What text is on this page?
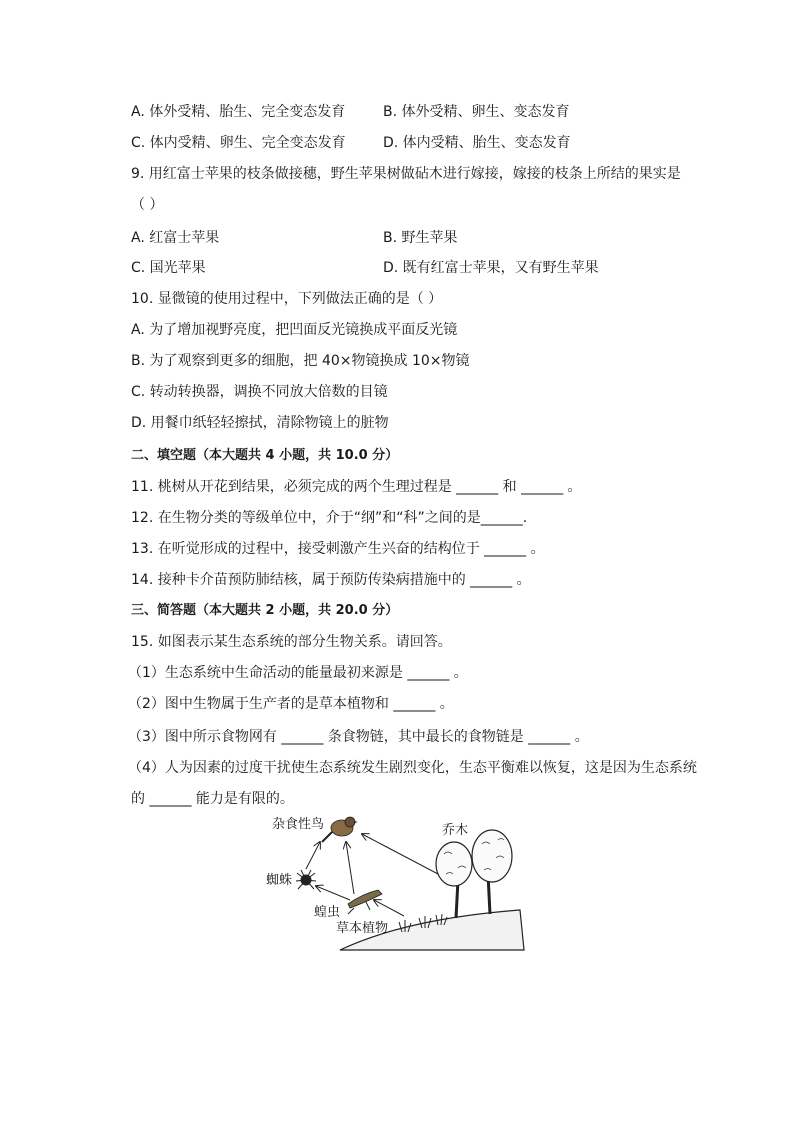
A. 体外受精、胎生、完全变态发育	B. 体外受精、卵生、变态发育
C. 体内受精、卵生、完全变态发育	D. 体内受精、胎生、变态发育
9. 用红富士苹果的枝条做接穗，野生苹果树做砧木进行嫁接，嫁接的枝条上所结的果实是
（ ）
A. 红富士苹果	B. 野生苹果
C. 国光苹果	D. 既有红富士苹果，又有野生苹果
10. 显微镜的使用过程中，下列做法正确的是（ ）
A. 为了增加视野亮度，把凹面反光镜换成平面反光镜
B. 为了观察到更多的细胞，把 40×物镜换成 10×物镜
C. 转动转换器，调换不同放大倍数的目镜
D. 用餐巾纸轻轻擦拭，清除物镜上的脏物
二、填空题（本大题共 4 小题，共 10.0 分）
11. 桃树从开花到结果，必须完成的两个生理过程是 ______ 和 ______ 。
12. 在生物分类的等级单位中，介于“纲”和“科”之间的是______.
13. 在听觉形成的过程中，接受刺激产生兴奋的结构位于 ______ 。
14. 接种卡介苗预防肺结核，属于预防传染病措施中的 ______ 。
三、简答题（本大题共 2 小题，共 20.0 分）
15. 如图表示某生态系统的部分生物关系。请回答。
（1）生态系统中生命活动的能量最初来源是 ______ 。
（2）图中生物属于生产者的是草本植物和 ______ 。
（3）图中所示食物网有 ______ 条食物链，其中最长的食物链是 ______ 。
（4）人为因素的过度干扰使生态系统发生剧烈变化，生态平衡难以恢复，这是因为生态系统
的 ______ 能力是有限的。
杂食性鸟	乔木
蜘蛛
蝗虫
草本植物
